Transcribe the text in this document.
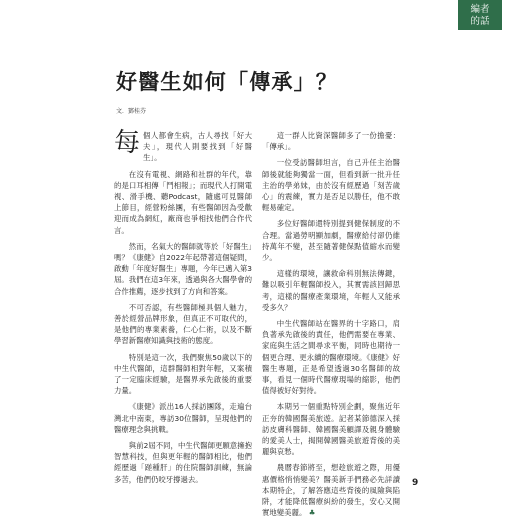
編者
的話
好醫生如何「傳承」？
文．鄧桂芬

每個人都會生病，古人尋找「好大夫」，現代人則要找到「好醫生」。

在沒有電視、網路和社群的年代，靠的是口耳相傳「鬥相報」；而現代人打開電視、滑手機、聽Podcast，隨處可見醫師上節目，經營粉絲團，有些醫師因為受歡迎而成為網紅，廠商也爭相找他們合作代言。

然而，名氣大的醫師就等於「好醫生」嗎？《康健》自2022年起帶著這個疑問，啟動「年度好醫生」專題，今年已邁入第3屆。我們在這3年來，透過與各大醫學會的合作推薦，逐步找到了方向和答案。

不可否認，有些醫師極具個人魅力，善於經營品牌形象，但真正不可取代的，是他們的專業素養，仁心仁術，以及不斷學習新醫療知識與技術的態度。

特別是這一次，我們聚焦50歲以下的中生代醫師，這群醫師相對年輕，又案積了一定臨床經驗，是醫界承先啟後的重要力量。

《康健》派出16人採訪團隊，走遍台灣北中南東，專訪30位醫師，呈現他們的醫療理念與挑戰。

與前2屆不同，中生代醫師更願意擁抱智慧科技，但與更年輕的醫師相比，他們經歷過「蹉種肝」的住院醫師訓練，無論多苦，他們仍咬牙撐過去。

這一群人比資深醫師多了一份擔憂：「傳承」。

一位受訪醫師坦言，自己升任主治醫師後就能夠獨當一面，但看到新一批升任主治的學弟妹，由於沒有經歷過「刻苦歲心」的震練，實力是否足以勝任，他不敢輕易確定。

多位好醫師還特別提到健保制度的不合理。當過勞明顯加劇，醫療給付卻仍維持萬年不變，甚至隨著健保點值縮水而變少。

這樣的環境，讓救命科別無法傳鍵，難以吸引年輕醫師投入，其實需該回歸思考，這樣的醫療產業環境，年輕人又能承受多久？

中生代醫師站在醫界的十字路口，肩負著承先啟後的責任，他們需要在專業、家庭與生活之間尋求平衡，同時也期待一個更合理、更永續的醫療環境。《康健》好醫生專題，正是希望透過30名醫師的故事，看見一個時代醫療現場的縮影，他們值得被好好對待。

本期另一個重點特別企劃，聚焦近年正夯的韓國醫美旅遊。記者某節德深入採訪皮膚科醫師、韓國醫美顧譯及親身體驗的愛美人士，揭開韓國醫美旅遊背後的美麗與哀愁。

農曆春節將至，想趁旅遊之際，用優惠價格悄悄變美？醫美新手們務必先詳讀本期特企，了解答應這些背後的風險與陷阱，才能降低醫療糾紛的發生，安心又開實地變美麗。 ♣

9
